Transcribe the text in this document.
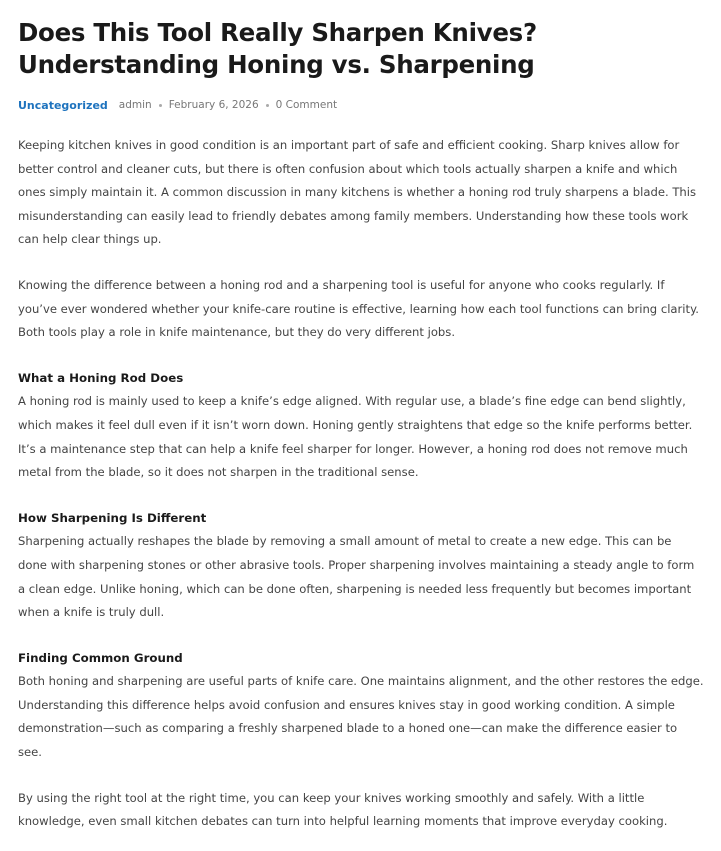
Does This Tool Really Sharpen Knives? Understanding Honing vs. Sharpening
Uncategorized admin February 6, 2026 0 Comment

Keeping kitchen knives in good condition is an important part of safe and efficient cooking. Sharp knives allow for better control and cleaner cuts, but there is often confusion about which tools actually sharpen a knife and which ones simply maintain it. A common discussion in many kitchens is whether a honing rod truly sharpens a blade. This misunderstanding can easily lead to friendly debates among family members. Understanding how these tools work can help clear things up.

Knowing the difference between a honing rod and a sharpening tool is useful for anyone who cooks regularly. If you’ve ever wondered whether your knife-care routine is effective, learning how each tool functions can bring clarity. Both tools play a role in knife maintenance, but they do very different jobs.

What a Honing Rod Does

A honing rod is mainly used to keep a knife’s edge aligned. With regular use, a blade’s fine edge can bend slightly, which makes it feel dull even if it isn’t worn down. Honing gently straightens that edge so the knife performs better. It’s a maintenance step that can help a knife feel sharper for longer. However, a honing rod does not remove much metal from the blade, so it does not sharpen in the traditional sense.

How Sharpening Is Different

Sharpening actually reshapes the blade by removing a small amount of metal to create a new edge. This can be done with sharpening stones or other abrasive tools. Proper sharpening involves maintaining a steady angle to form a clean edge. Unlike honing, which can be done often, sharpening is needed less frequently but becomes important when a knife is truly dull.

Finding Common Ground

Both honing and sharpening are useful parts of knife care. One maintains alignment, and the other restores the edge. Understanding this difference helps avoid confusion and ensures knives stay in good working condition. A simple demonstration—such as comparing a freshly sharpened blade to a honed one—can make the difference easier to see.

By using the right tool at the right time, you can keep your knives working smoothly and safely. With a little knowledge, even small kitchen debates can turn into helpful learning moments that improve everyday cooking.
